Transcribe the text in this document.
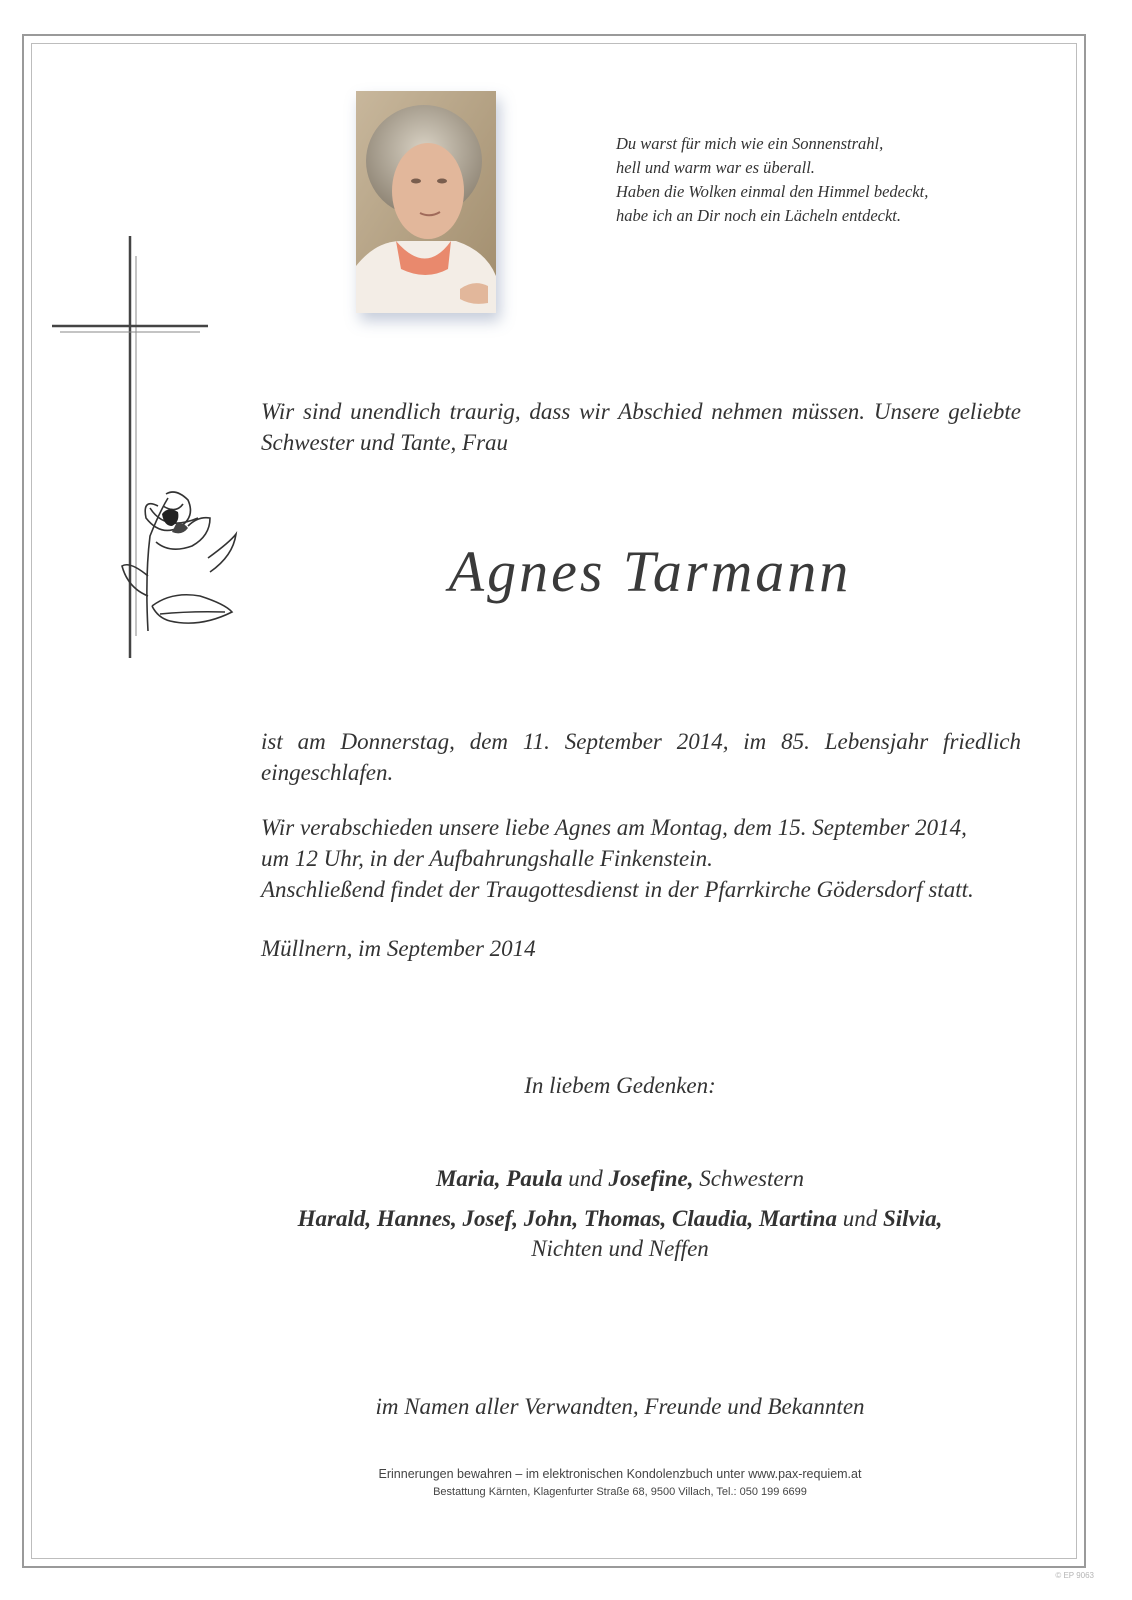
Du warst für mich wie ein Sonnenstrahl,
hell und warm war es überall.
Haben die Wolken einmal den Himmel bedeckt,
habe ich an Dir noch ein Lächeln entdeckt.
Wir sind unendlich traurig, dass wir Abschied nehmen müssen. Unsere geliebte Schwester und Tante, Frau
Agnes Tarmann
ist am Donnerstag, dem 11. September 2014, im 85. Lebensjahr friedlich eingeschlafen.
Wir verabschieden unsere liebe Agnes am Montag, dem 15. September 2014,
um 12 Uhr, in der Aufbahrungshalle Finkenstein.
Anschließend findet der Traugottesdienst in der Pfarrkirche Gödersdorf statt.
Müllnern, im September 2014
In liebem Gedenken:
Maria, Paula und Josefine, Schwestern
Harald, Hannes, Josef, John, Thomas, Claudia, Martina und Silvia,
Nichten und Neffen
im Namen aller Verwandten, Freunde und Bekannten
Erinnerungen bewahren – im elektronischen Kondolenzbuch unter www.pax-requiem.at
Bestattung Kärnten, Klagenfurter Straße 68, 9500 Villach, Tel.: 050 199 6699
© EP 9063
